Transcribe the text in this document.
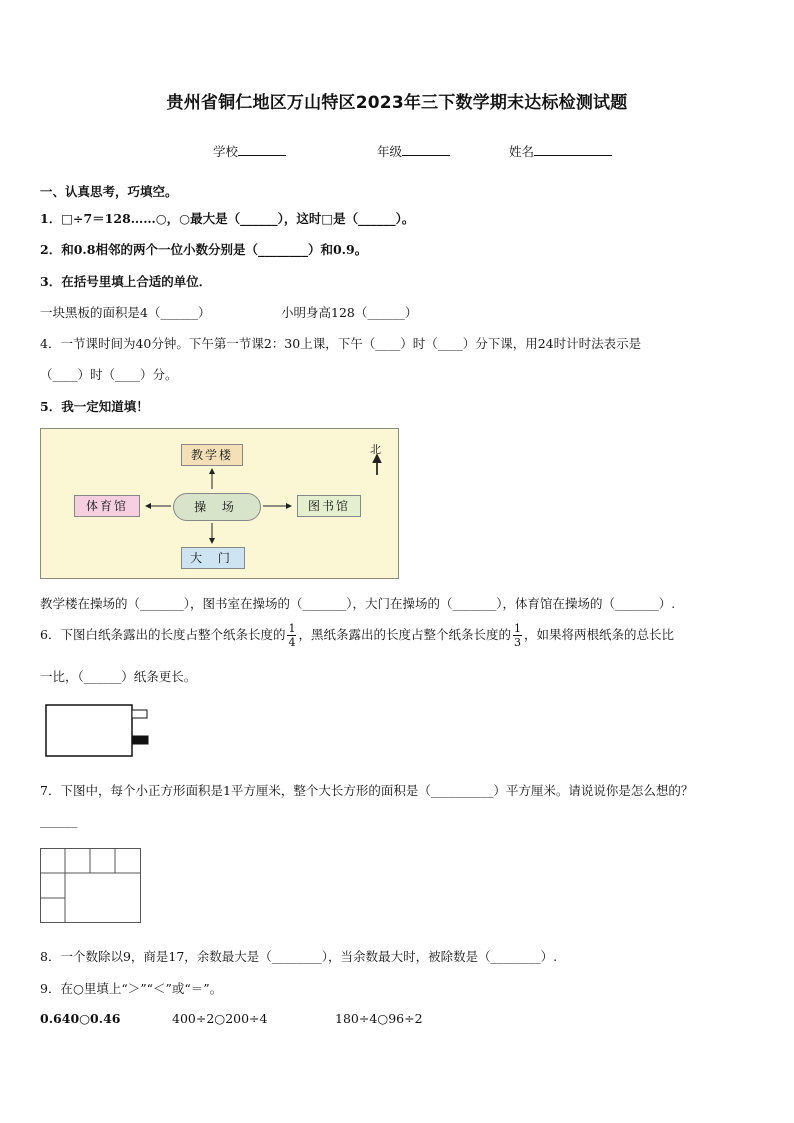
贵州省铜仁地区万山特区2023年三下数学期末达标检测试题
学校	年级	姓名
一、认真思考，巧填空。
1．□÷7＝128……○，○最大是（______），这时□是（______）。
2．和0.8相邻的两个一位小数分别是（________）和0.9。
3．在括号里填上合适的单位．
一块黑板的面积是4（______）	小明身高128（______）
4．一节课时间为40分钟。下午第一节课2：30上课，下午（____）时（____）分下课，用24时计时法表示是
（____）时（____）分。
5．我一定知道填！
北
教学楼
操 场
体育馆	图书馆
大 门
教学楼在操场的（_______），图书室在操场的（_______），大门在操场的（_______），体育馆在操场的（_______）.
6．下图白纸条露出的长度占整个纸条长度的 $\frac{1}{4}$ ，黑纸条露出的长度占整个纸条长度的 $\frac{1}{3}$ ，如果将两根纸条的总长比
一比，（______）纸条更长。
7．下图中，每个小正方形面积是1平方厘米，整个大长方形的面积是（__________）平方厘米。请说说你是怎么想的？
______
8．一个数除以9，商是17，余数最大是（________），当余数最大时，被除数是（________）.
9．在○里填上“＞”“＜”或“＝”。
0.640○0.46	400÷2○200÷4	180÷4○96÷2
